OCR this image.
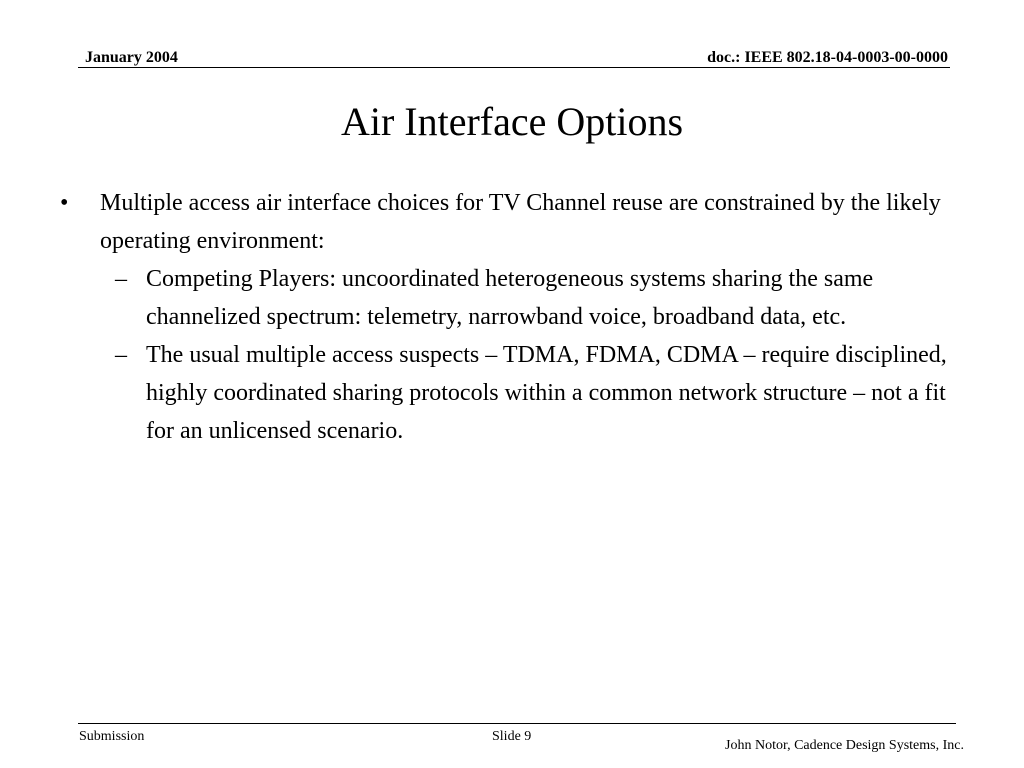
January 2004	doc.: IEEE 802.18-04-0003-00-0000
Air Interface Options
• Multiple access air interface choices for TV Channel reuse are constrained by the likely operating environment:
– Competing Players: uncoordinated heterogeneous systems sharing the same channelized spectrum: telemetry, narrowband voice, broadband data, etc.
– The usual multiple access suspects – TDMA, FDMA, CDMA – require disciplined, highly coordinated sharing protocols within a common network structure – not a fit for an unlicensed scenario.
Submission	Slide 9
John Notor, Cadence Design Systems, Inc.
